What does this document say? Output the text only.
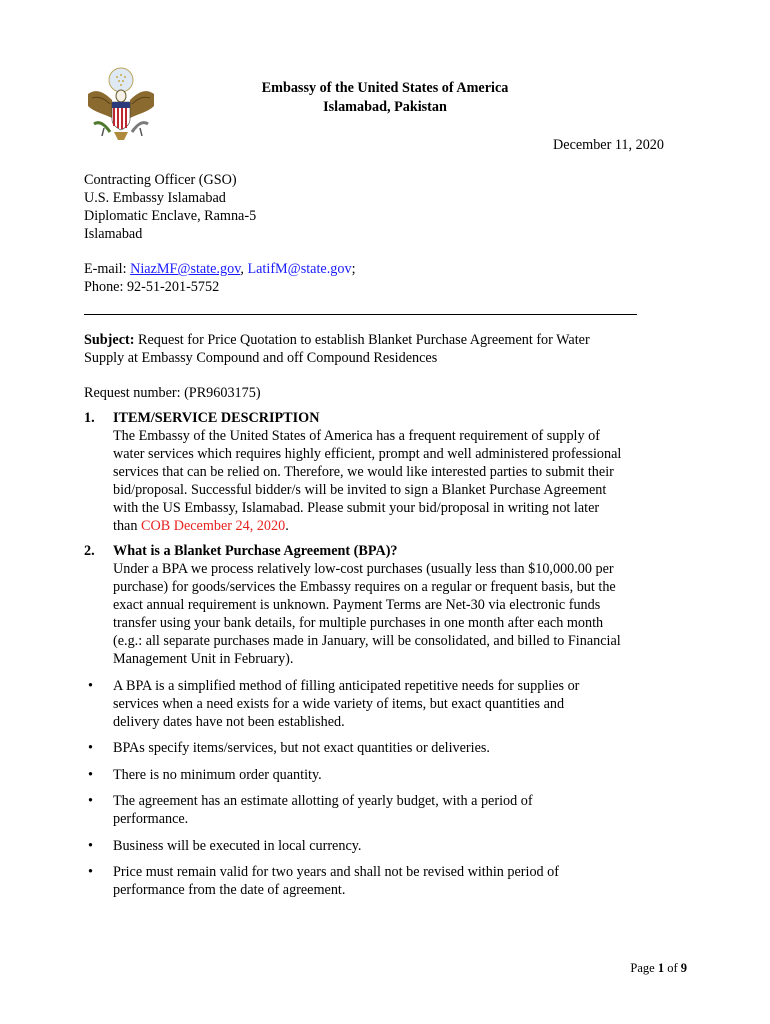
Embassy of the United States of America
Islamabad, Pakistan
December 11, 2020
Contracting Officer (GSO)
U.S. Embassy Islamabad
Diplomatic Enclave, Ramna-5
Islamabad
E-mail: NiazMF@state.gov, LatifM@state.gov;
Phone: 92-51-201-5752
Subject: Request for Price Quotation to establish Blanket Purchase Agreement for Water
Supply at Embassy Compound and off Compound Residences
Request number: (PR9603175)
1. ITEM/SERVICE DESCRIPTION
The Embassy of the United States of America has a frequent requirement of supply of
water services which requires highly efficient, prompt and well administered professional
services that can be relied on. Therefore, we would like interested parties to submit their
bid/proposal. Successful bidder/s will be invited to sign a Blanket Purchase Agreement
with the US Embassy, Islamabad. Please submit your bid/proposal in writing not later
than COB December 24, 2020.
2. What is a Blanket Purchase Agreement (BPA)?
Under a BPA we process relatively low-cost purchases (usually less than $10,000.00 per
purchase) for goods/services the Embassy requires on a regular or frequent basis, but the
exact annual requirement is unknown. Payment Terms are Net-30 via electronic funds
transfer using your bank details, for multiple purchases in one month after each month
(e.g.: all separate purchases made in January, will be consolidated, and billed to Financial
Management Unit in February).
• A BPA is a simplified method of filling anticipated repetitive needs for supplies or
services when a need exists for a wide variety of items, but exact quantities and
delivery dates have not been established.
• BPAs specify items/services, but not exact quantities or deliveries.
• There is no minimum order quantity.
• The agreement has an estimate allotting of yearly budget, with a period of
performance.
• Business will be executed in local currency.
• Price must remain valid for two years and shall not be revised within period of
performance from the date of agreement.
Page 1 of 9
